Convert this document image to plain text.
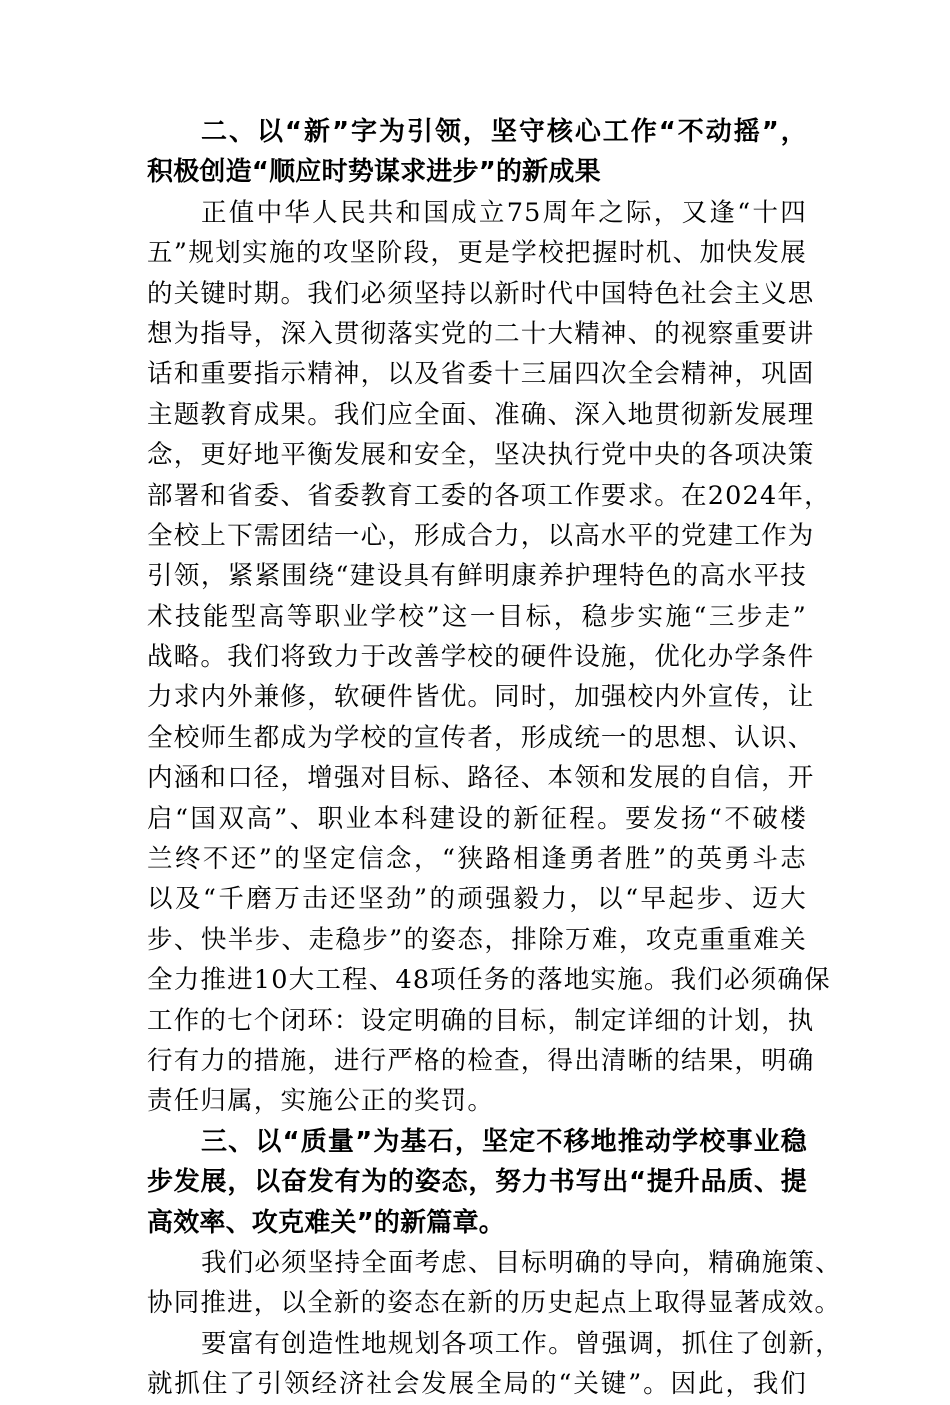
二、以“新”字为引领，坚守核心工作“不动摇”，
积极创造“顺应时势谋求进步”的新成果
正值中华人民共和国成立75周年之际，又逢“十四
五”规划实施的攻坚阶段，更是学校把握时机、加快发展
的关键时期。我们必须坚持以新时代中国特色社会主义思
想为指导，深入贯彻落实党的二十大精神、的视察重要讲
话和重要指示精神，以及省委十三届四次全会精神，巩固
主题教育成果。我们应全面、准确、深入地贯彻新发展理
念，更好地平衡发展和安全，坚决执行党中央的各项决策
部署和省委、省委教育工委的各项工作要求。在2024年，
全校上下需团结一心，形成合力，以高水平的党建工作为
引领，紧紧围绕“建设具有鲜明康养护理特色的高水平技
术技能型高等职业学校”这一目标，稳步实施“三步走”
战略。我们将致力于改善学校的硬件设施，优化办学条件
力求内外兼修，软硬件皆优。同时，加强校内外宣传，让
全校师生都成为学校的宣传者，形成统一的思想、认识、
内涵和口径，增强对目标、路径、本领和发展的自信，开
启“国双高”、职业本科建设的新征程。要发扬“不破楼
兰终不还”的坚定信念，“狭路相逢勇者胜”的英勇斗志
以及“千磨万击还坚劲”的顽强毅力，以“早起步、迈大
步、快半步、走稳步”的姿态，排除万难，攻克重重难关
全力推进10大工程、48项任务的落地实施。我们必须确保
工作的七个闭环：设定明确的目标，制定详细的计划，执
行有力的措施，进行严格的检查，得出清晰的结果，明确
责任归属，实施公正的奖罚。
三、以“质量”为基石，坚定不移地推动学校事业稳
步发展，以奋发有为的姿态，努力书写出“提升品质、提
高效率、攻克难关”的新篇章。
我们必须坚持全面考虑、目标明确的导向，精确施策、
协同推进，以全新的姿态在新的历史起点上取得显著成效。
要富有创造性地规划各项工作。曾强调，抓住了创新，
就抓住了引领经济社会发展全局的“关键”。因此，我们
